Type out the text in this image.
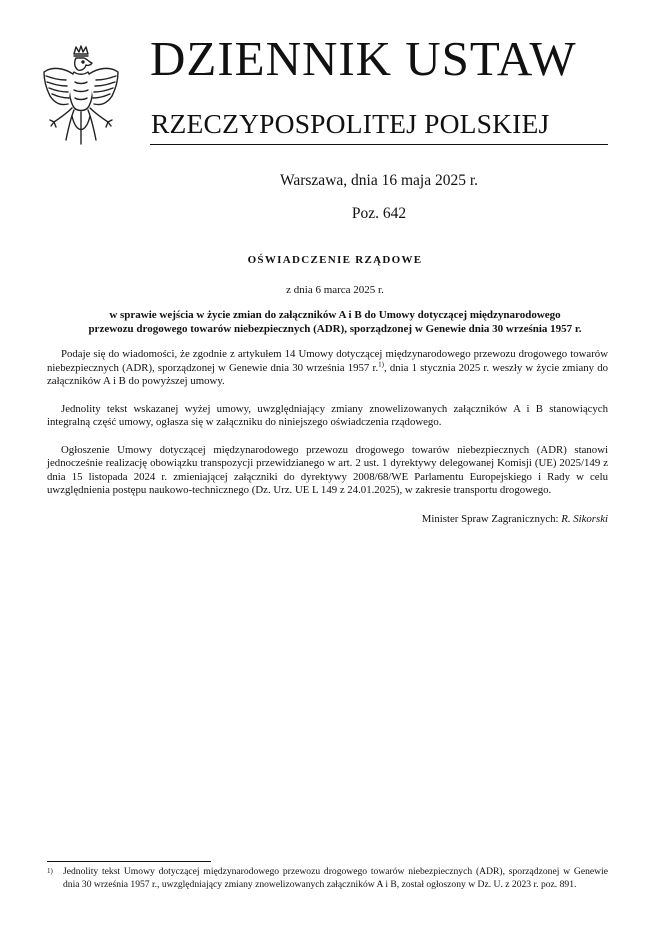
DZIENNIK USTAW
RZECZYPOSPOLITEJ POLSKIEJ
Warszawa, dnia 16 maja 2025 r.
Poz. 642
OŚWIADCZENIE RZĄDOWE
z dnia 6 marca 2025 r.
w sprawie wejścia w życie zmian do załączników A i B do Umowy dotyczącej międzynarodowego
przewozu drogowego towarów niebezpiecznych (ADR), sporządzonej w Genewie dnia 30 września 1957 r.

Podaje się do wiadomości, że zgodnie z artykułem 14 Umowy dotyczącej międzynarodowego przewozu drogowego towarów niebezpiecznych (ADR), sporządzonej w Genewie dnia 30 września 1957 r.$^{1)}$, dnia 1 stycznia 2025 r. weszły w życie zmiany do załączników A i B do powyższej umowy.

Jednolity tekst wskazanej wyżej umowy, uwzględniający zmiany znowelizowanych załączników A i B stanowiących integralną część umowy, ogłasza się w załączniku do niniejszego oświadczenia rządowego.

Ogłoszenie Umowy dotyczącej międzynarodowego przewozu drogowego towarów niebezpiecznych (ADR) stanowi jednocześnie realizację obowiązku transpozycji przewidzianego w art. 2 ust. 1 dyrektywy delegowanej Komisji (UE) 2025/149 z dnia 15 listopada 2024 r. zmieniającej załączniki do dyrektywy 2008/68/WE Parlamentu Europejskiego i Rady w celu uwzględnienia postępu naukowo-technicznego (Dz. Urz. UE L 149 z 24.01.2025), w zakresie transportu drogowego.

Minister Spraw Zagranicznych: R. Sikorski
1) Jednolity tekst Umowy dotyczącej międzynarodowego przewozu drogowego towarów niebezpiecznych (ADR), sporządzonej w Genewie dnia 30 września 1957 r., uwzględniający zmiany znowelizowanych załączników A i B, został ogłoszony w Dz. U. z 2023 r. poz. 891.
